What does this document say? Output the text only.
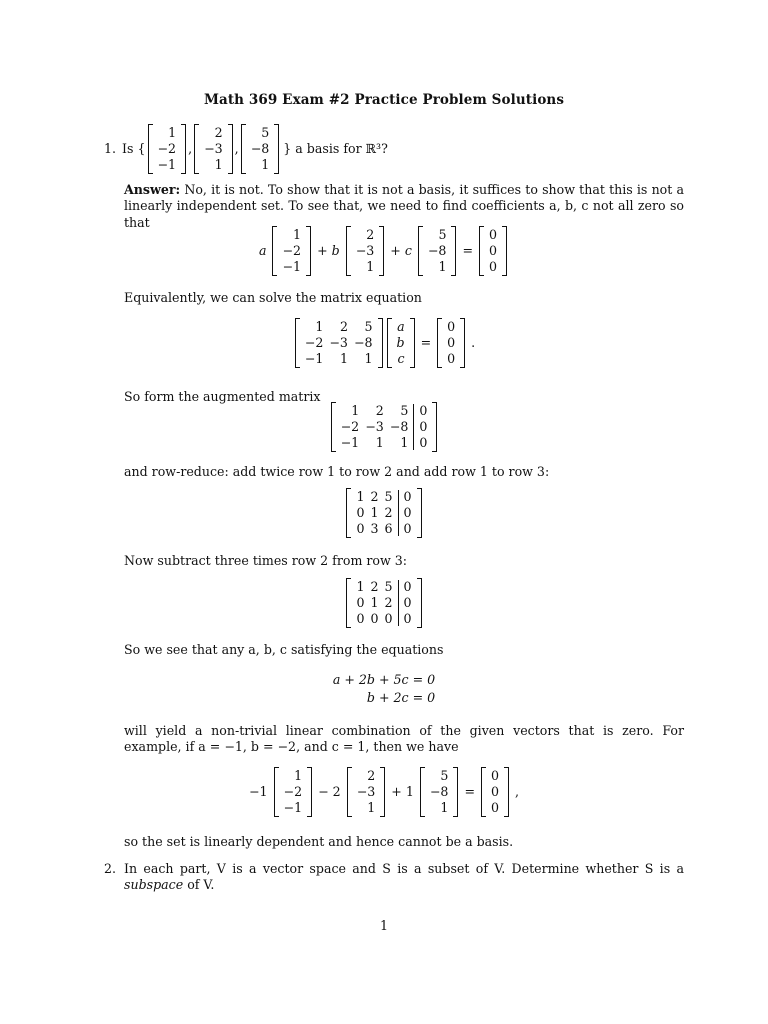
Math 369 Exam #2 Practice Problem Solutions
1. Is {
1
−2
−1
,
2
−3
1
,
5
−8
1
} a basis for ℝ³?
Answer: No, it is not. To show that it is not a basis, it suffices to show that this is not a linearly independent set. To see that, we need to find coefficients a, b, c not all zero so that
a
1
−2
−1
+ b
2
−3
1
+ c
5
−8
1
=
0
0
0
Equivalently, we can solve the matrix equation
1
−2
−1
2
−3
1
5
−8
1
a
b
c
=
0
0
0
.
So form the augmented matrix
1
−2
−1
2
−3
1
5
−8
1
0
0
0
and row-reduce: add twice row 1 to row 2 and add row 1 to row 3:
1
0
0
2
1
3
5
2
6
0
0
0
Now subtract three times row 2 from row 3:
1
0
0
2
1
0
5
2
0
0
0
0
So we see that any a, b, c satisfying the equations
a + 2b + 5c = 0
b + 2c = 0
will yield a non-trivial linear combination of the given vectors that is zero. For example, if a = −1, b = −2, and c = 1, then we have
−1
1
−2
−1
− 2
2
−3
1
+ 1
5
−8
1
=
0
0
0
,
so the set is linearly dependent and hence cannot be a basis.
2. In each part, V is a vector space and S is a subset of V. Determine whether S is a subspace of V.
1
